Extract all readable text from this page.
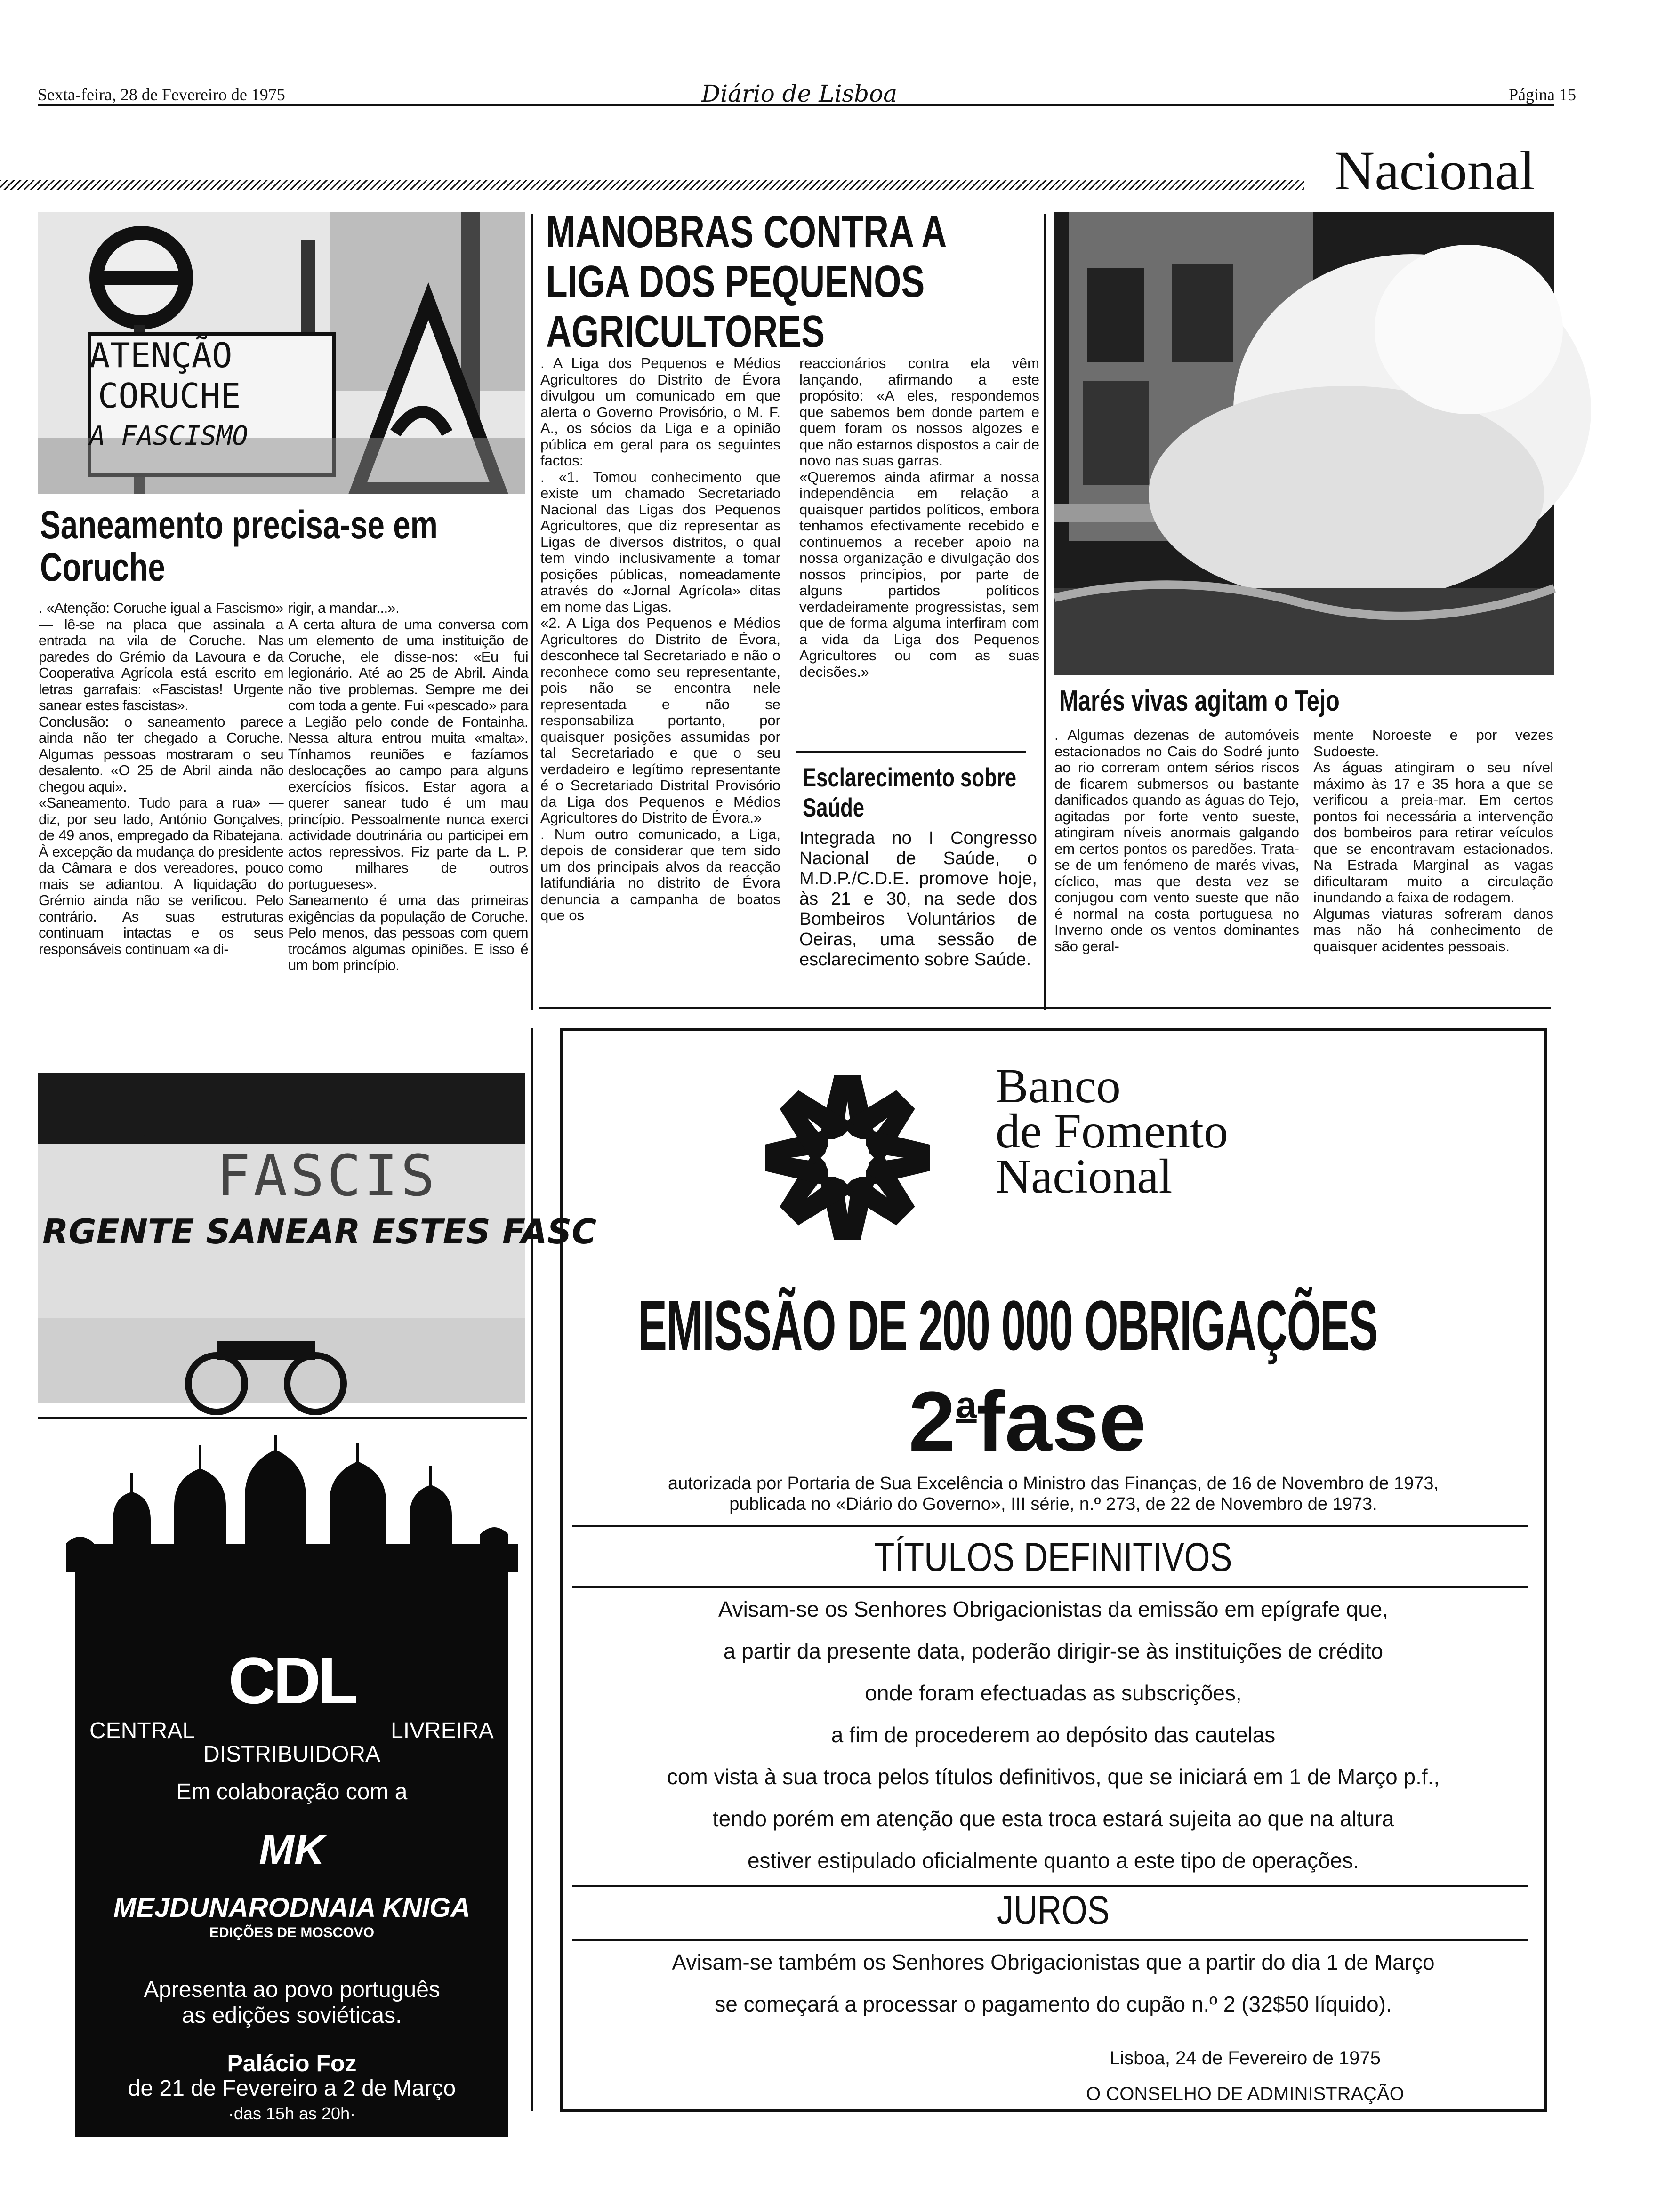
Sexta-feira, 28 de Fevereiro de 1975	Diário de Lisboa	Página 15
Nacional
ATENÇÃO
CORUCHE
A FASCISMO
Saneamento precisa-se em Coruche
. «Atenção: Coruche igual a Fascismo» — lê-se na placa que assinala a entrada na vila de Coruche. Nas paredes do Grémio da Lavoura e da Cooperativa Agrícola está escrito em letras garrafais: «Fascistas! Urgente sanear estes fascistas».
Conclusão: o saneamento parece ainda não ter chegado a Coruche. Algumas pessoas mostraram o seu desalento. «O 25 de Abril ainda não chegou aqui».
«Saneamento. Tudo para a rua» — diz, por seu lado, António Gonçalves, de 49 anos, empregado da Ribatejana. À excepção da mudança do presidente da Câmara e dos vereadores, pouco mais se adiantou. A liquidação do Grémio ainda não se verificou. Pelo contrário. As suas estruturas continuam intactas e os seus responsáveis continuam «a di-
rigir, a mandar...».
A certa altura de uma conversa com um elemento de uma instituição de Coruche, ele disse-nos: «Eu fui legionário. Até ao 25 de Abril. Ainda não tive problemas. Sempre me dei com toda a gente. Fui «pescado» para a Legião pelo conde de Fontainha. Nessa altura entrou muita «malta». Tínhamos reuniões e fazíamos deslocações ao campo para alguns exercícios físicos. Estar agora a querer sanear tudo é um mau princípio. Pessoalmente nunca exerci actividade doutrinária ou participei em actos repressivos. Fiz parte da L. P. como milhares de outros portugueses».
Saneamento é uma das primeiras exigências da população de Coruche. Pelo menos, das pessoas com quem trocámos algumas opiniões. E isso é um bom princípio.
FASCIS
RGENTE SANEAR ESTES FASC
CDL
CENTRAL	LIVREIRA
DISTRIBUIDORA
Em colaboração com a
MK
MEJDUNARODNAIA KNIGA
EDIÇÕES DE MOSCOVO
Apresenta ao povo português
as edições soviéticas.
Palácio Foz
de 21 de Fevereiro a 2 de Março
·das 15h as 20h·
MANOBRAS CONTRA A LIGA DOS PEQUENOS AGRICULTORES
. A Liga dos Pequenos e Médios Agricultores do Distrito de Évora divulgou um comunicado em que alerta o Governo Provisório, o M. F. A., os sócios da Liga e a opinião pública em geral para os seguintes factos:
. «1. Tomou conhecimento que existe um chamado Secretariado Nacional das Ligas dos Pequenos Agricultores, que diz representar as Ligas de diversos distritos, o qual tem vindo inclusivamente a tomar posições públicas, nomeadamente através do «Jornal Agrícola» ditas em nome das Ligas.
«2. A Liga dos Pequenos e Médios Agricultores do Distrito de Évora, desconhece tal Secretariado e não o reconhece como seu representante, pois não se encontra nele representada e não se responsabiliza portanto, por quaisquer posições assumidas por tal Secretariado e que o seu verdadeiro e legítimo representante é o Secretariado Distrital Provisório da Liga dos Pequenos e Médios Agricultores do Distrito de Évora.»
. Num outro comunicado, a Liga, depois de considerar que tem sido um dos principais alvos da reacção latifundiária no distrito de Évora denuncia a campanha de boatos que os
reaccionários contra ela vêm lançando, afirmando a este propósito: «A eles, respondemos que sabemos bem donde partem e quem foram os nossos algozes e que não estarnos dispostos a cair de novo nas suas garras.
«Queremos ainda afirmar a nossa independência em relação a quaisquer partidos políticos, embora tenhamos efectivamente recebido e continuemos a receber apoio na nossa organização e divulgação dos nossos princípios, por parte de alguns partidos políticos verdadeiramente progressistas, sem que de forma alguma interfiram com a vida da Liga dos Pequenos Agricultores ou com as suas decisões.»
Esclarecimento sobre Saúde
Integrada no I Congresso Nacional de Saúde, o M.D.P./C.D.E. promove hoje, às 21 e 30, na sede dos Bombeiros Voluntários de Oeiras, uma sessão de esclarecimento sobre Saúde.
Marés vivas agitam o Tejo
. Algumas dezenas de automóveis estacionados no Cais do Sodré junto ao rio correram ontem sérios riscos de ficarem submersos ou bastante danificados quando as águas do Tejo, agitadas por forte vento sueste, atingiram níveis anormais galgando em certos pontos os paredões. Trata-se de um fenómeno de marés vivas, cíclico, mas que desta vez se conjugou com vento sueste que não é normal na costa portuguesa no Inverno onde os ventos dominantes são geral-
mente Noroeste e por vezes Sudoeste.
As águas atingiram o seu nível máximo às 17 e 35 hora a que se verificou a preia-mar. Em certos pontos foi necessária a intervenção dos bombeiros para retirar veículos que se encontravam estacionados. Na Estrada Marginal as vagas dificultaram muito a circulação inundando a faixa de rodagem.
Algumas viaturas sofreram danos mas não há conhecimento de quaisquer acidentes pessoais.
Banco
de Fomento
Nacional
EMISSÃO DE 200 000 OBRIGAÇÕES
2$^a$fase
autorizada por Portaria de Sua Excelência o Ministro das Finanças, de 16 de Novembro de 1973,
publicada no «Diário do Governo», III série, n.º 273, de 22 de Novembro de 1973.
TÍTULOS DEFINITIVOS
Avisam-se os Senhores Obrigacionistas da emissão em epígrafe que,
a partir da presente data, poderão dirigir-se às instituições de crédito
onde foram efectuadas as subscrições,
a fim de procederem ao depósito das cautelas
com vista à sua troca pelos títulos definitivos, que se iniciará em 1 de Março p.f.,
tendo porém em atenção que esta troca estará sujeita ao que na altura
estiver estipulado oficialmente quanto a este tipo de operações.
JUROS
Avisam-se também os Senhores Obrigacionistas que a partir do dia 1 de Março
se começará a processar o pagamento do cupão n.º 2 (32$50 líquido).
Lisboa, 24 de Fevereiro de 1975
O CONSELHO DE ADMINISTRAÇÃO
